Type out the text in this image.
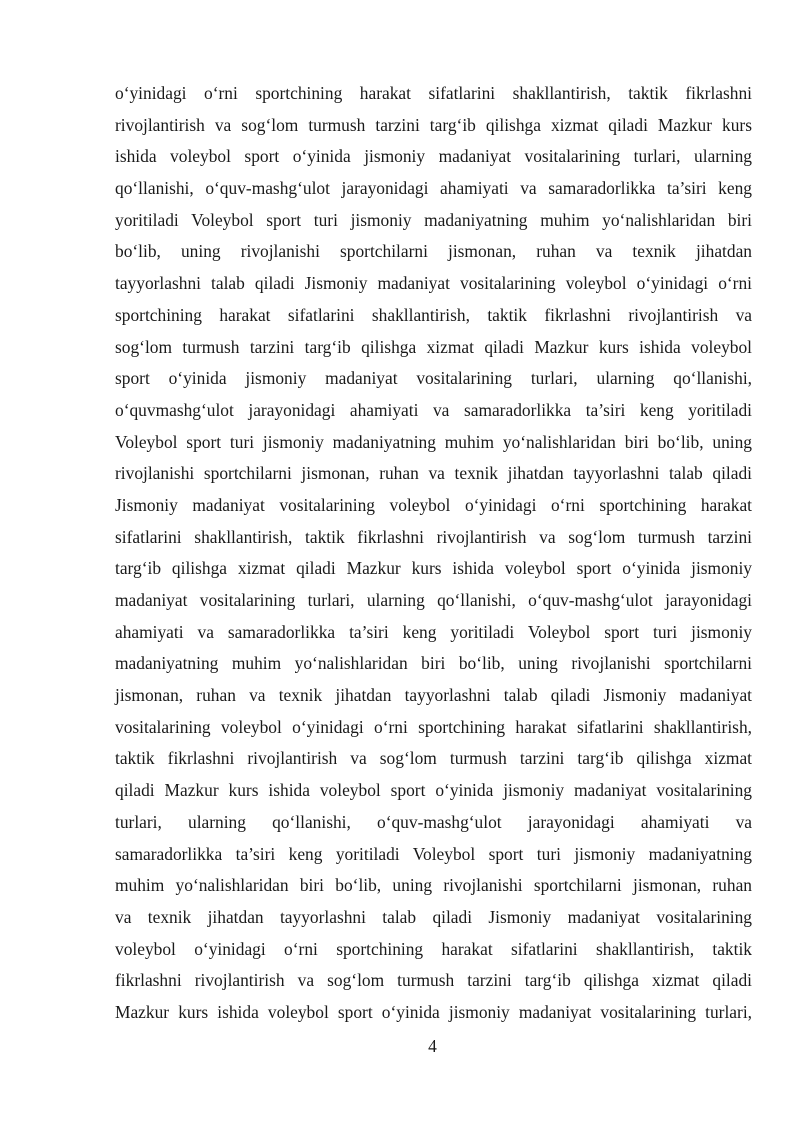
o‘yinidagi o‘rni sportchining harakat sifatlarini shakllantirish, taktik fikrlashni
rivojlantirish va sog‘lom turmush tarzini targ‘ib qilishga xizmat qiladi Mazkur kurs
ishida voleybol sport o‘yinida jismoniy madaniyat vositalarining turlari, ularning
qo‘llanishi, o‘quv-mashg‘ulot jarayonidagi ahamiyati va samaradorlikka ta’siri keng
yoritiladi Voleybol sport turi jismoniy madaniyatning muhim yo‘nalishlaridan biri
bo‘lib, uning rivojlanishi sportchilarni jismonan, ruhan va texnik jihatdan
tayyorlashni talab qiladi Jismoniy madaniyat vositalarining voleybol o‘yinidagi o‘rni
sportchining harakat sifatlarini shakllantirish, taktik fikrlashni rivojlantirish va
sog‘lom turmush tarzini targ‘ib qilishga xizmat qiladi Mazkur kurs ishida voleybol
sport o‘yinida jismoniy madaniyat vositalarining turlari, ularning qo‘llanishi,
o‘quvmashg‘ulot jarayonidagi ahamiyati va samaradorlikka ta’siri keng yoritiladi
Voleybol sport turi jismoniy madaniyatning muhim yo‘nalishlaridan biri bo‘lib, uning
rivojlanishi sportchilarni jismonan, ruhan va texnik jihatdan tayyorlashni talab qiladi
Jismoniy madaniyat vositalarining voleybol o‘yinidagi o‘rni sportchining harakat
sifatlarini shakllantirish, taktik fikrlashni rivojlantirish va sog‘lom turmush tarzini
targ‘ib qilishga xizmat qiladi Mazkur kurs ishida voleybol sport o‘yinida jismoniy
madaniyat vositalarining turlari, ularning qo‘llanishi, o‘quv-mashg‘ulot jarayonidagi
ahamiyati va samaradorlikka ta’siri keng yoritiladi Voleybol sport turi jismoniy
madaniyatning muhim yo‘nalishlaridan biri bo‘lib, uning rivojlanishi sportchilarni
jismonan, ruhan va texnik jihatdan tayyorlashni talab qiladi Jismoniy madaniyat
vositalarining voleybol o‘yinidagi o‘rni sportchining harakat sifatlarini shakllantirish,
taktik fikrlashni rivojlantirish va sog‘lom turmush tarzini targ‘ib qilishga xizmat
qiladi Mazkur kurs ishida voleybol sport o‘yinida jismoniy madaniyat vositalarining
turlari, ularning qo‘llanishi, o‘quv-mashg‘ulot jarayonidagi ahamiyati va
samaradorlikka ta’siri keng yoritiladi Voleybol sport turi jismoniy madaniyatning
muhim yo‘nalishlaridan biri bo‘lib, uning rivojlanishi sportchilarni jismonan, ruhan
va texnik jihatdan tayyorlashni talab qiladi Jismoniy madaniyat vositalarining
voleybol o‘yinidagi o‘rni sportchining harakat sifatlarini shakllantirish, taktik
fikrlashni rivojlantirish va sog‘lom turmush tarzini targ‘ib qilishga xizmat qiladi
Mazkur kurs ishida voleybol sport o‘yinida jismoniy madaniyat vositalarining turlari,
4
